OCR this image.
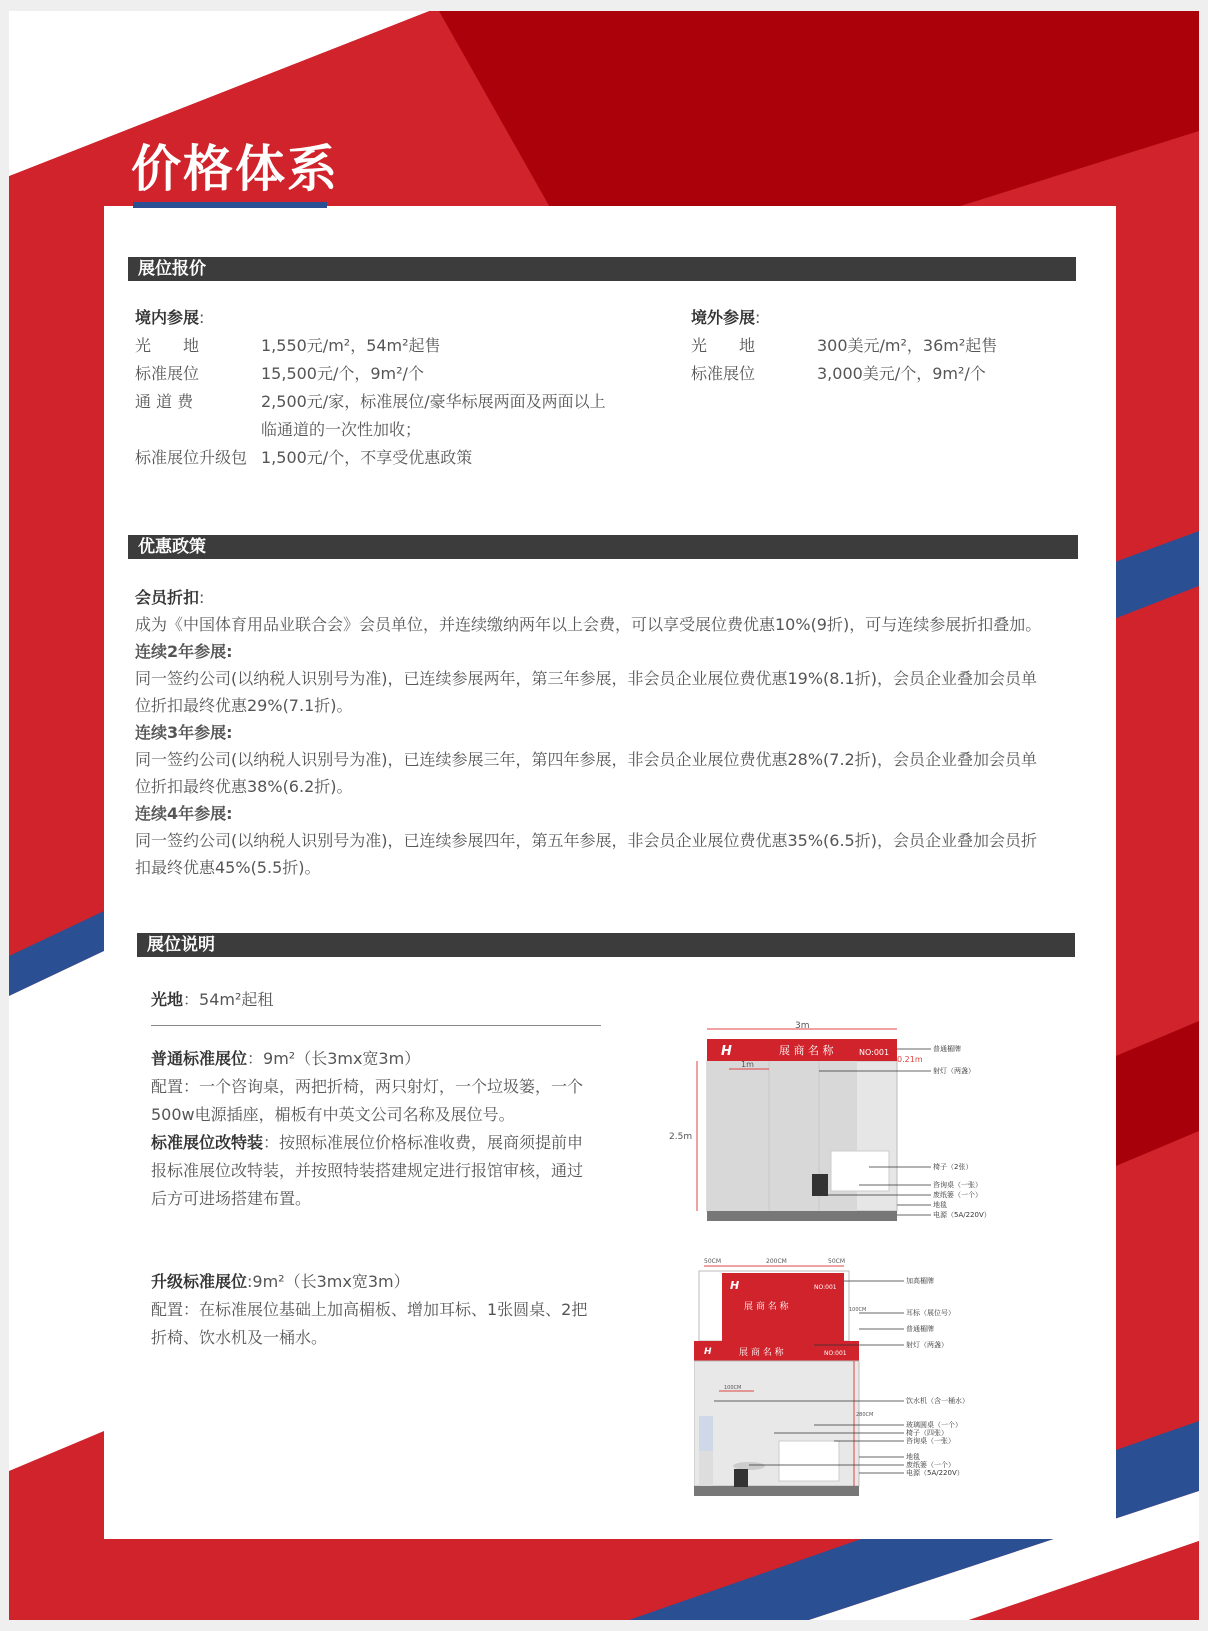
价格体系
展位报价
境内参展:
光　　地	1,550元/m²，54m²起售
标准展位	15,500元/个，9m²/个
通 道 费	2,500元/家，标准展位/豪华标展两面及两面以上
临通道的一次性加收；
标准展位升级包 1,500元/个，不享受优惠政策
境外参展:
光　　地	300美元/m²，36m²起售
标准展位	3,000美元/个，9m²/个
优惠政策
会员折扣:
成为《中国体育用品业联合会》会员单位，并连续缴纳两年以上会费，可以享受展位费优惠10%(9折)，可与连续参展折扣叠加。
连续2年参展:
同一签约公司(以纳税人识别号为准)，已连续参展两年，第三年参展，非会员企业展位费优惠19%(8.1折)，会员企业叠加会员单
位折扣最终优惠29%(7.1折)。
连续3年参展:
同一签约公司(以纳税人识别号为准)，已连续参展三年，第四年参展，非会员企业展位费优惠28%(7.2折)，会员企业叠加会员单
位折扣最终优惠38%(6.2折)。
连续4年参展:
同一签约公司(以纳税人识别号为准)，已连续参展四年，第五年参展，非会员企业展位费优惠35%(6.5折)，会员企业叠加会员折
扣最终优惠45%(5.5折)。
展位说明
光地：54m²起租
普通标准展位：9m²（长3mx宽3m）
配置：一个咨询桌，两把折椅，两只射灯，一个垃圾篓，一个
500w电源插座，楣板有中英文公司名称及展位号。
标准展位改特装：按照标准展位价格标准收费，展商须提前申
报标准展位改特装，并按照特装搭建规定进行报馆审核，通过
后方可进场搭建布置。
升级标准展位:9m²（长3mx宽3m）
配置：在标准展位基础上加高楣板、增加耳标、1张圆桌、2把
折椅、饮水机及一桶水。
H	展 商 名 称	NO:001
3m
1m
2.5m
0.21m
普通楣牌
射灯（两盏）
椅子（2张）
咨询桌（一张）
废纸篓（一个）
地毯
电源（5A/220V）
50CM	200CM	50CM
H	NO:001
展 商 名 称	100CM
H	展 商 名 称	NO:001
100CM
280CM
加高楣牌
耳标（展位号）
普通楣牌
射灯（两盏）
饮水机（含一桶水）
玻璃圆桌（一个）
椅子（四张）
咨询桌（一张）
地毯
废纸篓（一个）
电源（5A/220V）
